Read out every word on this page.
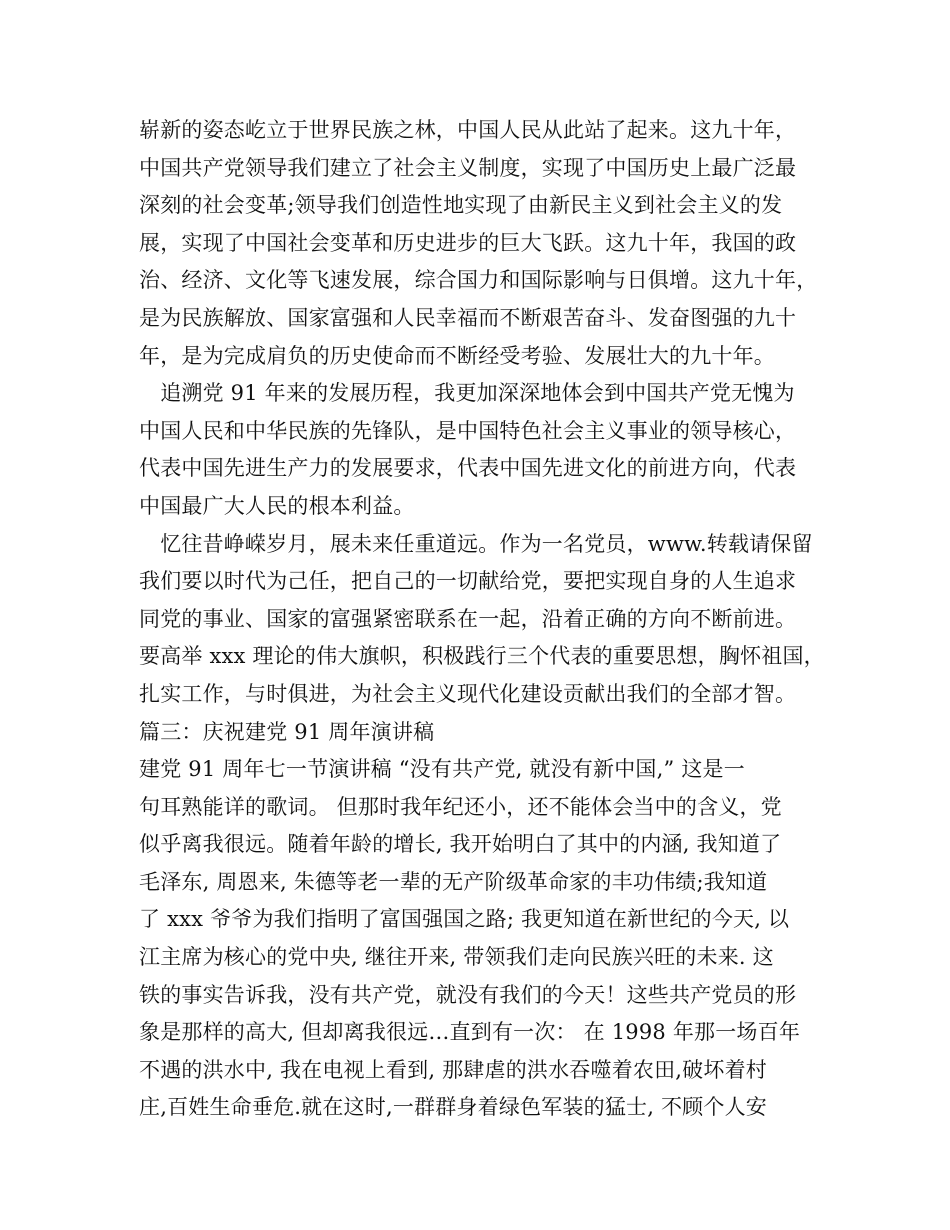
崭新的姿态屹立于世界民族之林，中国人民从此站了起来。这九十年，
中国共产党领导我们建立了社会主义制度，实现了中国历史上最广泛最
深刻的社会变革;领导我们创造性地实现了由新民主义到社会主义的发
展，实现了中国社会变革和历史进步的巨大飞跃。这九十年，我国的政
治、经济、文化等飞速发展，综合国力和国际影响与日俱增。这九十年，
是为民族解放、国家富强和人民幸福而不断艰苦奋斗、发奋图强的九十
年，是为完成肩负的历史使命而不断经受考验、发展壮大的九十年。
　追溯党 91 年来的发展历程，我更加深深地体会到中国共产党无愧为
中国人民和中华民族的先锋队，是中国特色社会主义事业的领导核心，
代表中国先进生产力的发展要求，代表中国先进文化的前进方向，代表
中国最广大人民的根本利益。
　忆往昔峥嵘岁月，展未来任重道远。作为一名党员，www.转载请保留
我们要以时代为己任，把自己的一切献给党，要把实现自身的人生追求
同党的事业、国家的富强紧密联系在一起，沿着正确的方向不断前进。
要高举 xxx 理论的伟大旗帜，积极践行三个代表的重要思想，胸怀祖国，
扎实工作，与时俱进，为社会主义现代化建设贡献出我们的全部才智。
篇三：庆祝建党 91 周年演讲稿
建党 91 周年七一节演讲稿 “没有共产党, 就没有新中国,” 这是一
句耳熟能详的歌词。 但那时我年纪还小，还不能体会当中的含义，党
似乎离我很远。随着年龄的增长, 我开始明白了其中的内涵, 我知道了
毛泽东, 周恩来, 朱德等老一辈的无产阶级革命家的丰功伟绩;我知道
了 xxx 爷爷为我们指明了富国强国之路; 我更知道在新世纪的今天, 以
江主席为核心的党中央, 继往开来, 带领我们走向民族兴旺的未来. 这
铁的事实告诉我，没有共产党，就没有我们的今天！这些共产党员的形
象是那样的高大, 但却离我很远…直到有一次： 在 1998 年那一场百年
不遇的洪水中, 我在电视上看到, 那肆虐的洪水吞噬着农田,破坏着村
庄,百姓生命垂危.就在这时,一群群身着绿色军装的猛士, 不顾个人安
